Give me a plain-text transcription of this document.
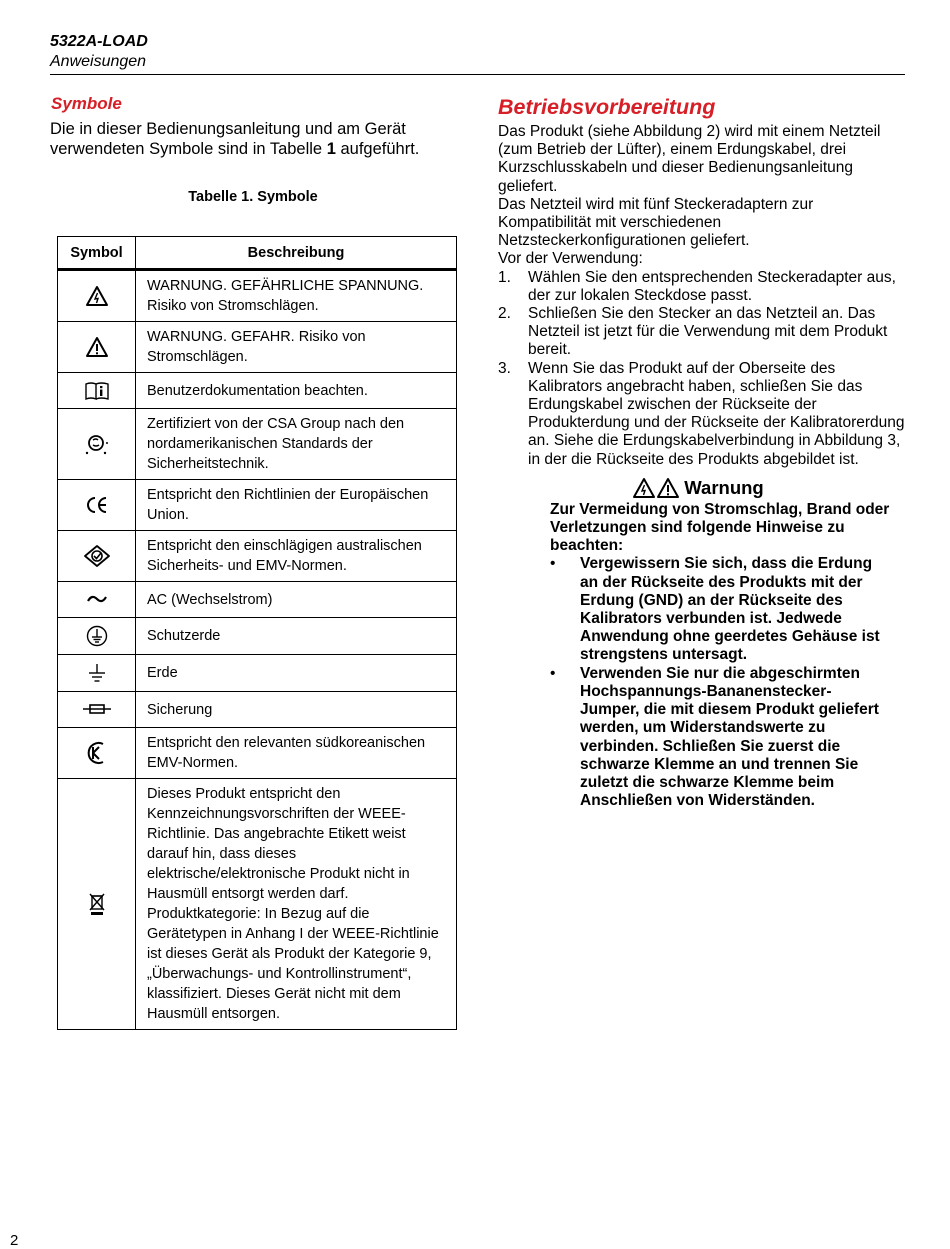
5322A-LOAD
Anweisungen
Symbole

Die in dieser Bedienungsanleitung und am Gerät verwendeten Symbole sind in Tabelle 1 aufgeführt.

Tabelle 1. Symbole
Symbol	Beschreibung
	WARNUNG. GEFÄHRLICHE SPANNUNG. Risiko von Stromschlägen.
	WARNUNG. GEFAHR. Risiko von Stromschlägen.
	Benutzerdokumentation beachten.
	Zertifiziert von der CSA Group nach den nordamerikanischen Standards der Sicherheitstechnik.
	Entspricht den Richtlinien der Europäischen Union.
	Entspricht den einschlägigen australischen Sicherheits- und EMV-Normen.
	AC (Wechselstrom)
	Schutzerde
	Erde
	Sicherung
	Entspricht den relevanten südkoreanischen EMV-Normen.
	Dieses Produkt entspricht den Kennzeichnungsvorschriften der WEEE-Richtlinie. Das angebrachte Etikett weist darauf hin, dass dieses elektrische/elektronische Produkt nicht in Hausmüll entsorgt werden darf. Produktkategorie: In Bezug auf die Gerätetypen in Anhang I der WEEE-Richtlinie ist dieses Gerät als Produkt der Kategorie 9, „Überwachungs- und Kontrollinstrument“, klassifiziert. Dieses Gerät nicht mit dem Hausmüll entsorgen.
Betriebsvorbereitung

Das Produkt (siehe Abbildung 2) wird mit einem Netzteil (zum Betrieb der Lüfter), einem Erdungskabel, drei Kurzschlusskabeln und dieser Bedienungsanleitung geliefert.

Das Netzteil wird mit fünf Steckeradaptern zur Kompatibilität mit verschiedenen Netzsteckerkonfigurationen geliefert.

Vor der Verwendung:

1.	Wählen Sie den entsprechenden Steckeradapter aus, der zur lokalen Steckdose passt.
2.	Schließen Sie den Stecker an das Netzteil an. Das Netzteil ist jetzt für die Verwendung mit dem Produkt bereit.
3.	Wenn Sie das Produkt auf der Oberseite des Kalibrators angebracht haben, schließen Sie das Erdungskabel zwischen der Rückseite der Produkterdung und der Rückseite der Kalibratorerdung an. Siehe die Erdungskabelverbindung in Abbildung 3, in der die Rückseite des Produkts abgebildet ist.
Warnung
Zur Vermeidung von Stromschlag, Brand oder Verletzungen sind folgende Hinweise zu beachten:
•	Vergewissern Sie sich, dass die Erdung an der Rückseite des Produkts mit der Erdung (GND) an der Rückseite des Kalibrators verbunden ist. Jedwede Anwendung ohne geerdetes Gehäuse ist strengstens untersagt.
•	Verwenden Sie nur die abgeschirmten Hochspannungs-Bananenstecker-Jumper, die mit diesem Produkt geliefert werden, um Widerstandswerte zu verbinden. Schließen Sie zuerst die schwarze Klemme an und trennen Sie zuletzt die schwarze Klemme beim Anschließen von Widerständen.
2
